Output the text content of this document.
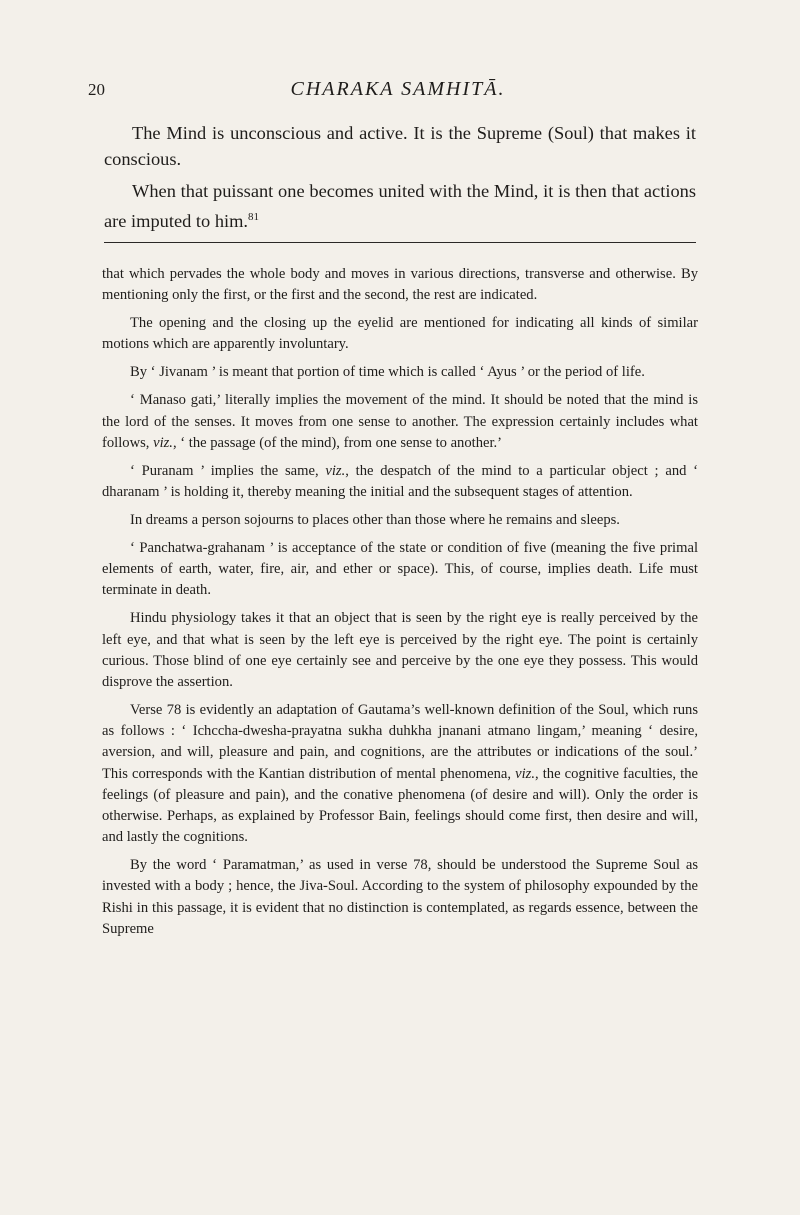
20	CHARAKA SAMHITĀ.

The Mind is unconscious and active. It is the Supreme (Soul) that makes it conscious.

When that puissant one becomes united with the Mind, it is then that actions are imputed to him.$^{81}$

that which pervades the whole body and moves in various directions, transverse and otherwise. By mentioning only the first, or the first and the second, the rest are indicated.

The opening and the closing up the eyelid are mentioned for indicating all kinds of similar motions which are apparently involuntary.

By ‘ Jivanam ’ is meant that portion of time which is called ‘ Ayus ’ or the period of life.

‘ Manaso gati,’ literally implies the movement of the mind. It should be noted that the mind is the lord of the senses. It moves from one sense to another. The expression certainly includes what follows, viz., ‘ the passage (of the mind), from one sense to another.’

‘ Puranam ’ implies the same, viz., the despatch of the mind to a particular object ; and ‘ dharanam ’ is holding it, thereby meaning the initial and the subsequent stages of attention.

In dreams a person sojourns to places other than those where he remains and sleeps.

‘ Panchatwa-grahanam ’ is acceptance of the state or condition of five (meaning the five primal elements of earth, water, fire, air, and ether or space). This, of course, implies death. Life must terminate in death.

Hindu physiology takes it that an object that is seen by the right eye is really perceived by the left eye, and that what is seen by the left eye is perceived by the right eye. The point is certainly curious. Those blind of one eye certainly see and perceive by the one eye they possess. This would disprove the assertion.

Verse 78 is evidently an adaptation of Gautama’s well-known definition of the Soul, which runs as follows : ‘ Ichccha-dwesha-prayatna sukha duhkha jnanani atmano lingam,’ meaning ‘ desire, aversion, and will, pleasure and pain, and cognitions, are the attributes or indications of the soul.’ This corresponds with the Kantian distribution of mental phenomena, viz., the cognitive faculties, the feelings (of pleasure and pain), and the conative phenomena (of desire and will). Only the order is otherwise. Perhaps, as explained by Professor Bain, feelings should come first, then desire and will, and lastly the cognitions.

By the word ‘ Paramatman,’ as used in verse 78, should be understood the Supreme Soul as invested with a body ; hence, the Jiva-Soul. According to the system of philosophy expounded by the Rishi in this passage, it is evident that no distinction is contemplated, as regards essence, between the Supreme
